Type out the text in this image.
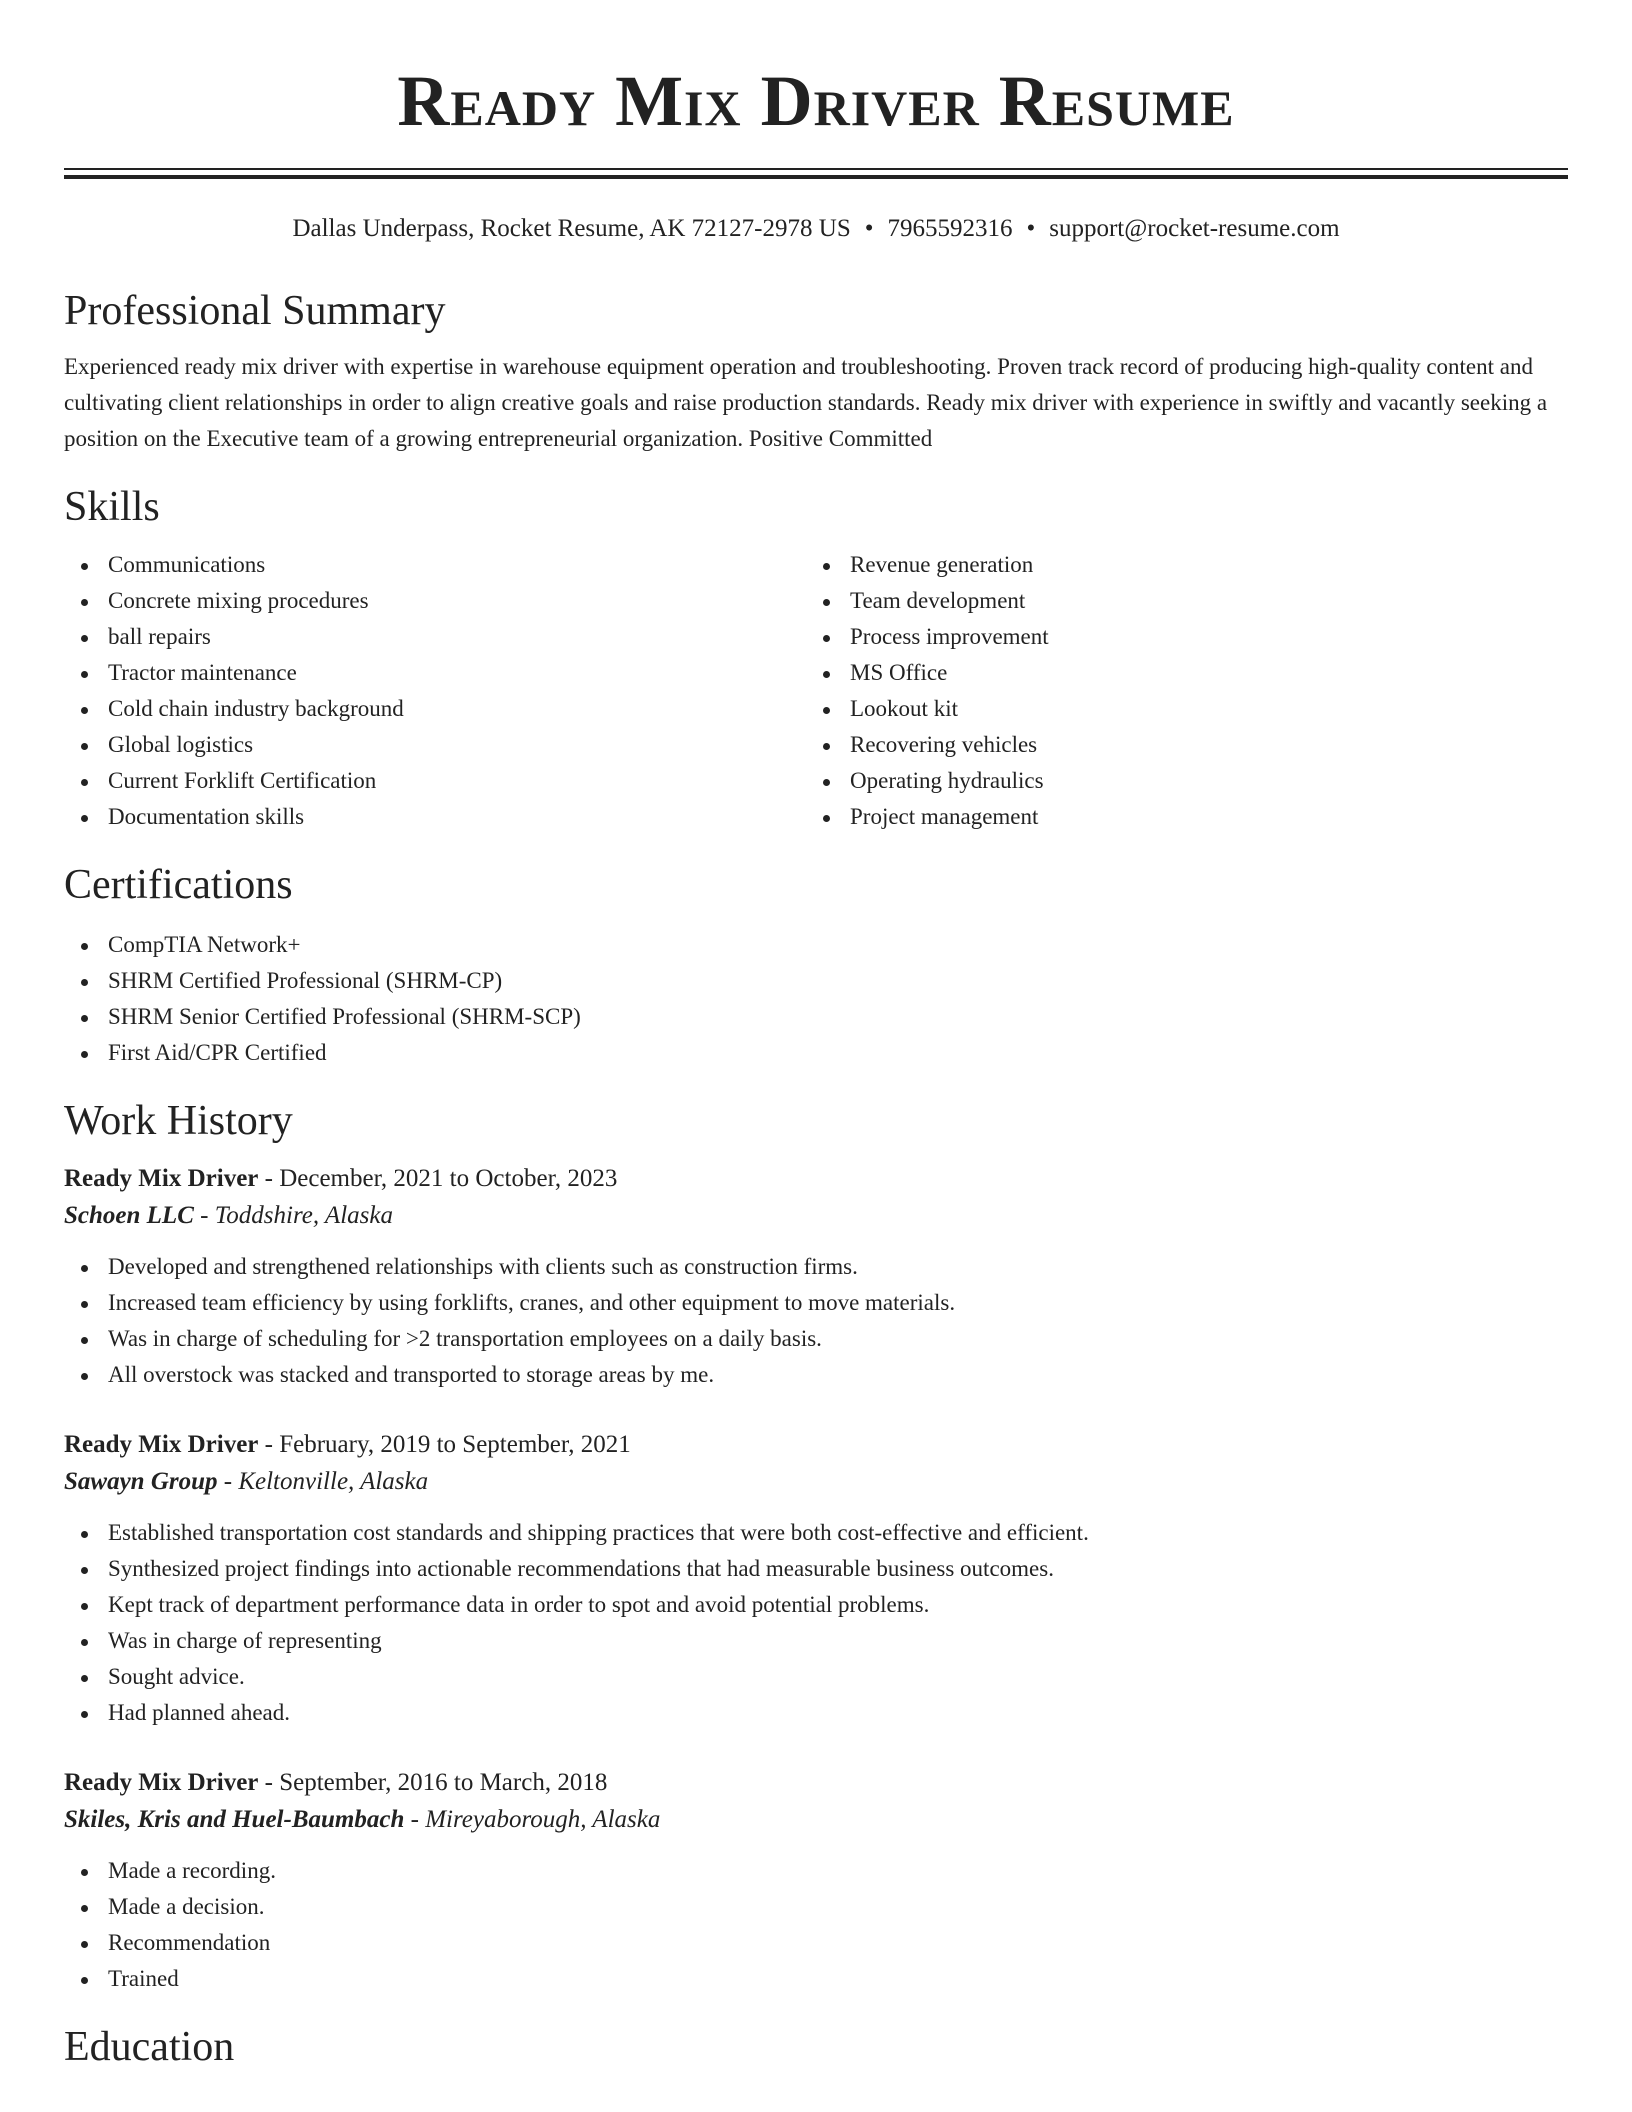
Ready Mix Driver Resume
Dallas Underpass, Rocket Resume, AK 72127-2978 US • 7965592316 • support@rocket-resume.com
Professional Summary

Experienced ready mix driver with expertise in warehouse equipment operation and troubleshooting. Proven track record of producing high-quality content and cultivating client relationships in order to align creative goals and raise production standards. Ready mix driver with experience in swiftly and vacantly seeking a position on the Executive team of a growing entrepreneurial organization. Positive Committed

Skills
Communications
Concrete mixing procedures
ball repairs
Tractor maintenance
Cold chain industry background
Global logistics
Current Forklift Certification
Documentation skills
Revenue generation
Team development
Process improvement
MS Office
Lookout kit
Recovering vehicles
Operating hydraulics
Project management
Certifications
CompTIA Network+
SHRM Certified Professional (SHRM-CP)
SHRM Senior Certified Professional (SHRM-SCP)
First Aid/CPR Certified
Work History
Ready Mix Driver - December, 2021 to October, 2023
Schoen LLC - Toddshire, Alaska
Developed and strengthened relationships with clients such as construction firms.
Increased team efficiency by using forklifts, cranes, and other equipment to move materials.
Was in charge of scheduling for >2 transportation employees on a daily basis.
All overstock was stacked and transported to storage areas by me.
Ready Mix Driver - February, 2019 to September, 2021
Sawayn Group - Keltonville, Alaska
Established transportation cost standards and shipping practices that were both cost-effective and efficient.
Synthesized project findings into actionable recommendations that had measurable business outcomes.
Kept track of department performance data in order to spot and avoid potential problems.
Was in charge of representing
Sought advice.
Had planned ahead.
Ready Mix Driver - September, 2016 to March, 2018
Skiles, Kris and Huel-Baumbach - Mireyaborough, Alaska
Made a recording.
Made a decision.
Recommendation
Trained
Education
